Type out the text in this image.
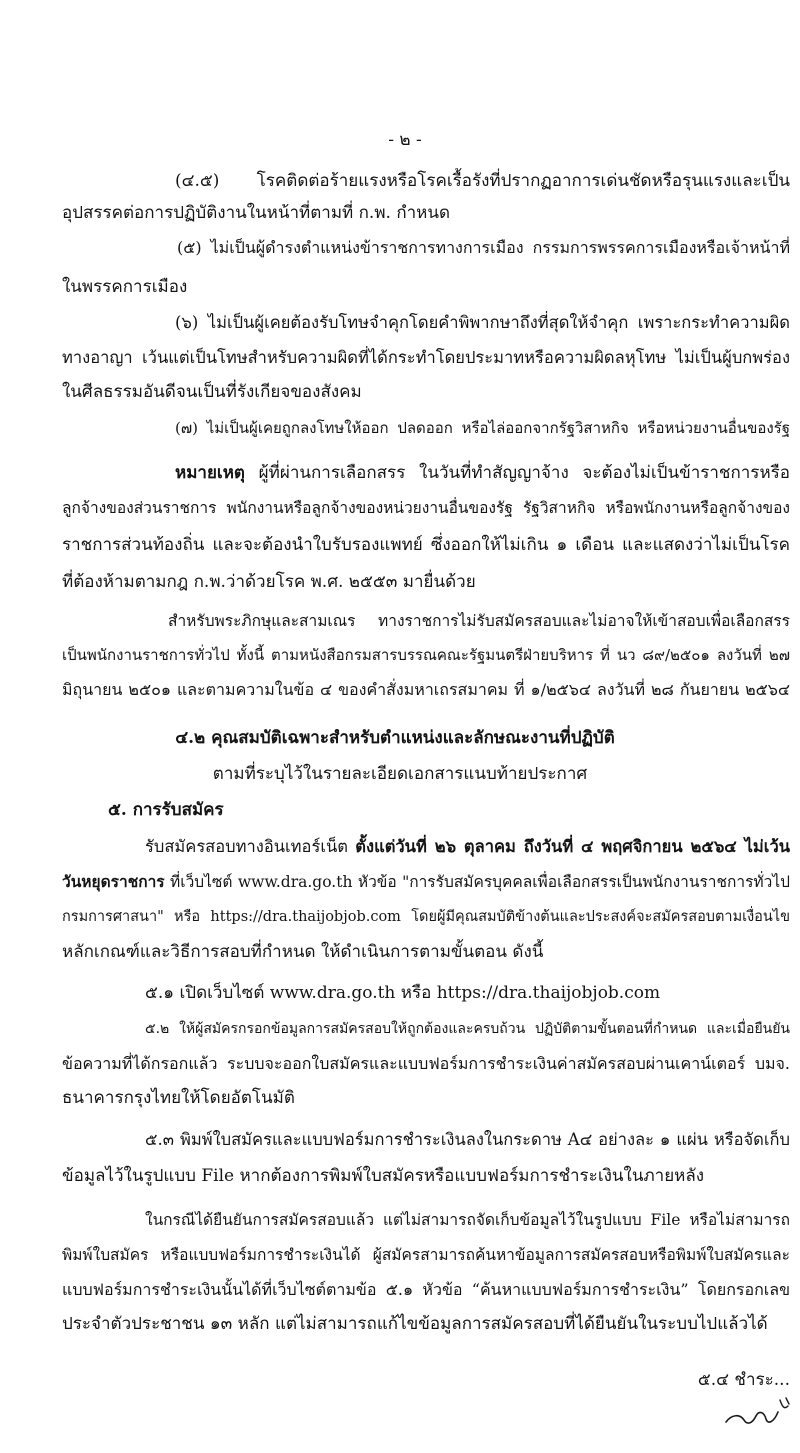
- ๒ -
(๔.๕) โรคติดต่อร้ายแรงหรือโรคเรื้อรังที่ปรากฏอาการเด่นชัดหรือรุนแรงและเป็น
อุปสรรคต่อการปฏิบัติงานในหน้าที่ตามที่ ก.พ. กำหนด
(๕) ไม่เป็นผู้ดำรงตำแหน่งข้าราชการทางการเมือง กรรมการพรรคการเมืองหรือเจ้าหน้าที่
ในพรรคการเมือง
(๖) ไม่เป็นผู้เคยต้องรับโทษจำคุกโดยคำพิพากษาถึงที่สุดให้จำคุก เพราะกระทำความผิด
ทางอาญา เว้นแต่เป็นโทษสำหรับความผิดที่ได้กระทำโดยประมาทหรือความผิดลหุโทษ ไม่เป็นผู้บกพร่อง
ในศีลธรรมอันดีจนเป็นที่รังเกียจของสังคม
(๗) ไม่เป็นผู้เคยถูกลงโทษให้ออก ปลดออก หรือไล่ออกจากรัฐวิสาหกิจ หรือหน่วยงานอื่นของรัฐ
หมายเหตุ ผู้ที่ผ่านการเลือกสรร ในวันที่ทำสัญญาจ้าง จะต้องไม่เป็นข้าราชการหรือ
ลูกจ้างของส่วนราชการ พนักงานหรือลูกจ้างของหน่วยงานอื่นของรัฐ รัฐวิสาหกิจ หรือพนักงานหรือลูกจ้างของ
ราชการส่วนท้องถิ่น และจะต้องนำใบรับรองแพทย์ ซึ่งออกให้ไม่เกิน ๑ เดือน และแสดงว่าไม่เป็นโรค
ที่ต้องห้ามตามกฎ ก.พ.ว่าด้วยโรค พ.ศ. ๒๕๕๓ มายื่นด้วย
สำหรับพระภิกษุและสามเณร ทางราชการไม่รับสมัครสอบและไม่อาจให้เข้าสอบเพื่อเลือกสรร
เป็นพนักงานราชการทั่วไป ทั้งนี้ ตามหนังสือกรมสารบรรณคณะรัฐมนตรีฝ่ายบริหาร ที่ นว ๘๙/๒๕๐๑ ลงวันที่ ๒๗
มิถุนายน ๒๕๐๑ และตามความในข้อ ๔ ของคำสั่งมหาเถรสมาคม ที่ ๑/๒๕๖๔ ลงวันที่ ๒๘ กันยายน ๒๕๖๔
๔.๒ คุณสมบัติเฉพาะสำหรับตำแหน่งและลักษณะงานที่ปฏิบัติ
ตามที่ระบุไว้ในรายละเอียดเอกสารแนบท้ายประกาศ
๕. การรับสมัคร
รับสมัครสอบทางอินเทอร์เน็ต ตั้งแต่วันที่ ๒๖ ตุลาคม ถึงวันที่ ๔ พฤศจิกายน ๒๕๖๔ ไม่เว้น
วันหยุดราชการ ที่เว็บไซต์ www.dra.go.th หัวข้อ "การรับสมัครบุคคลเพื่อเลือกสรรเป็นพนักงานราชการทั่วไป
กรมการศาสนา" หรือ https://dra.thaijobjob.com โดยผู้มีคุณสมบัติข้างต้นและประสงค์จะสมัครสอบตามเงื่อนไข
หลักเกณฑ์และวิธีการสอบที่กำหนด ให้ดำเนินการตามขั้นตอน ดังนี้
๕.๑ เปิดเว็บไซต์ www.dra.go.th หรือ https://dra.thaijobjob.com
๕.๒ ให้ผู้สมัครกรอกข้อมูลการสมัครสอบให้ถูกต้องและครบถ้วน ปฏิบัติตามขั้นตอนที่กำหนด และเมื่อยืนยัน
ข้อความที่ได้กรอกแล้ว ระบบจะออกใบสมัครและแบบฟอร์มการชำระเงินค่าสมัครสอบผ่านเคาน์เตอร์ บมจ.
ธนาคารกรุงไทยให้โดยอัตโนมัติ
๕.๓ พิมพ์ใบสมัครและแบบฟอร์มการชำระเงินลงในกระดาษ A๔ อย่างละ ๑ แผ่น หรือจัดเก็บ
ข้อมูลไว้ในรูปแบบ File หากต้องการพิมพ์ใบสมัครหรือแบบฟอร์มการชำระเงินในภายหลัง
ในกรณีได้ยืนยันการสมัครสอบแล้ว แต่ไม่สามารถจัดเก็บข้อมูลไว้ในรูปแบบ File หรือไม่สามารถ
พิมพ์ใบสมัคร หรือแบบฟอร์มการชำระเงินได้ ผู้สมัครสามารถค้นหาข้อมูลการสมัครสอบหรือพิมพ์ใบสมัครและ
แบบฟอร์มการชำระเงินนั้นได้ที่เว็บไซต์ตามข้อ ๕.๑ หัวข้อ “ค้นหาแบบฟอร์มการชำระเงิน” โดยกรอกเลข
ประจำตัวประชาชน ๑๓ หลัก แต่ไม่สามารถแก้ไขข้อมูลการสมัครสอบที่ได้ยืนยันในระบบไปแล้วได้
๕.๔ ชำระ...
